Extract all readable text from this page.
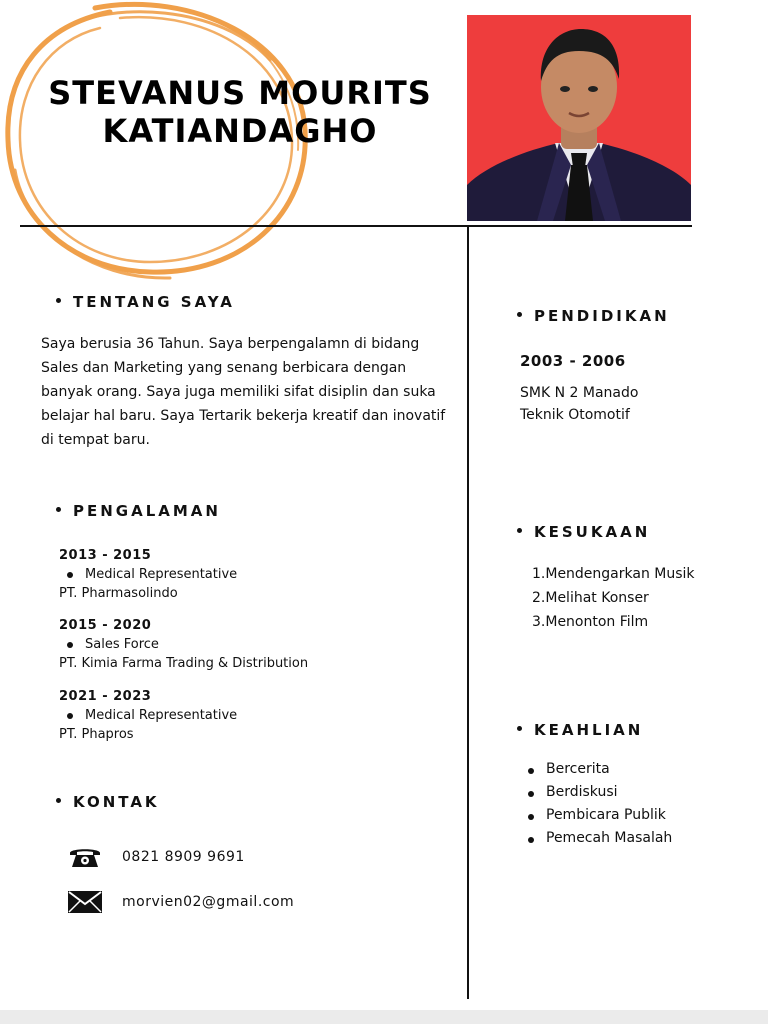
STEVANUS MOURITS
KATIANDAGHO
TENTANG SAYA
Saya berusia 36 Tahun. Saya berpengalamn di bidang Sales dan Marketing yang senang berbicara dengan banyak orang. Saya juga memiliki sifat disiplin dan suka belajar hal baru. Saya Tertarik bekerja kreatif dan inovatif di tempat baru.
PENGALAMAN
2013 - 2015
Medical Representative
PT. Pharmasolindo
2015 - 2020
Sales Force
PT. Kimia Farma Trading & Distribution
2021 - 2023
Medical Representative
PT. Phapros
KONTAK
0821 8909 9691
morvien02@gmail.com
PENDIDIKAN
2003 - 2006
SMK N 2 Manado
Teknik Otomotif
KESUKAAN
1.Mendengarkan Musik
2.Melihat Konser
3.Menonton Film
KEAHLIAN
Bercerita
Berdiskusi
Pembicara Publik
Pemecah Masalah
